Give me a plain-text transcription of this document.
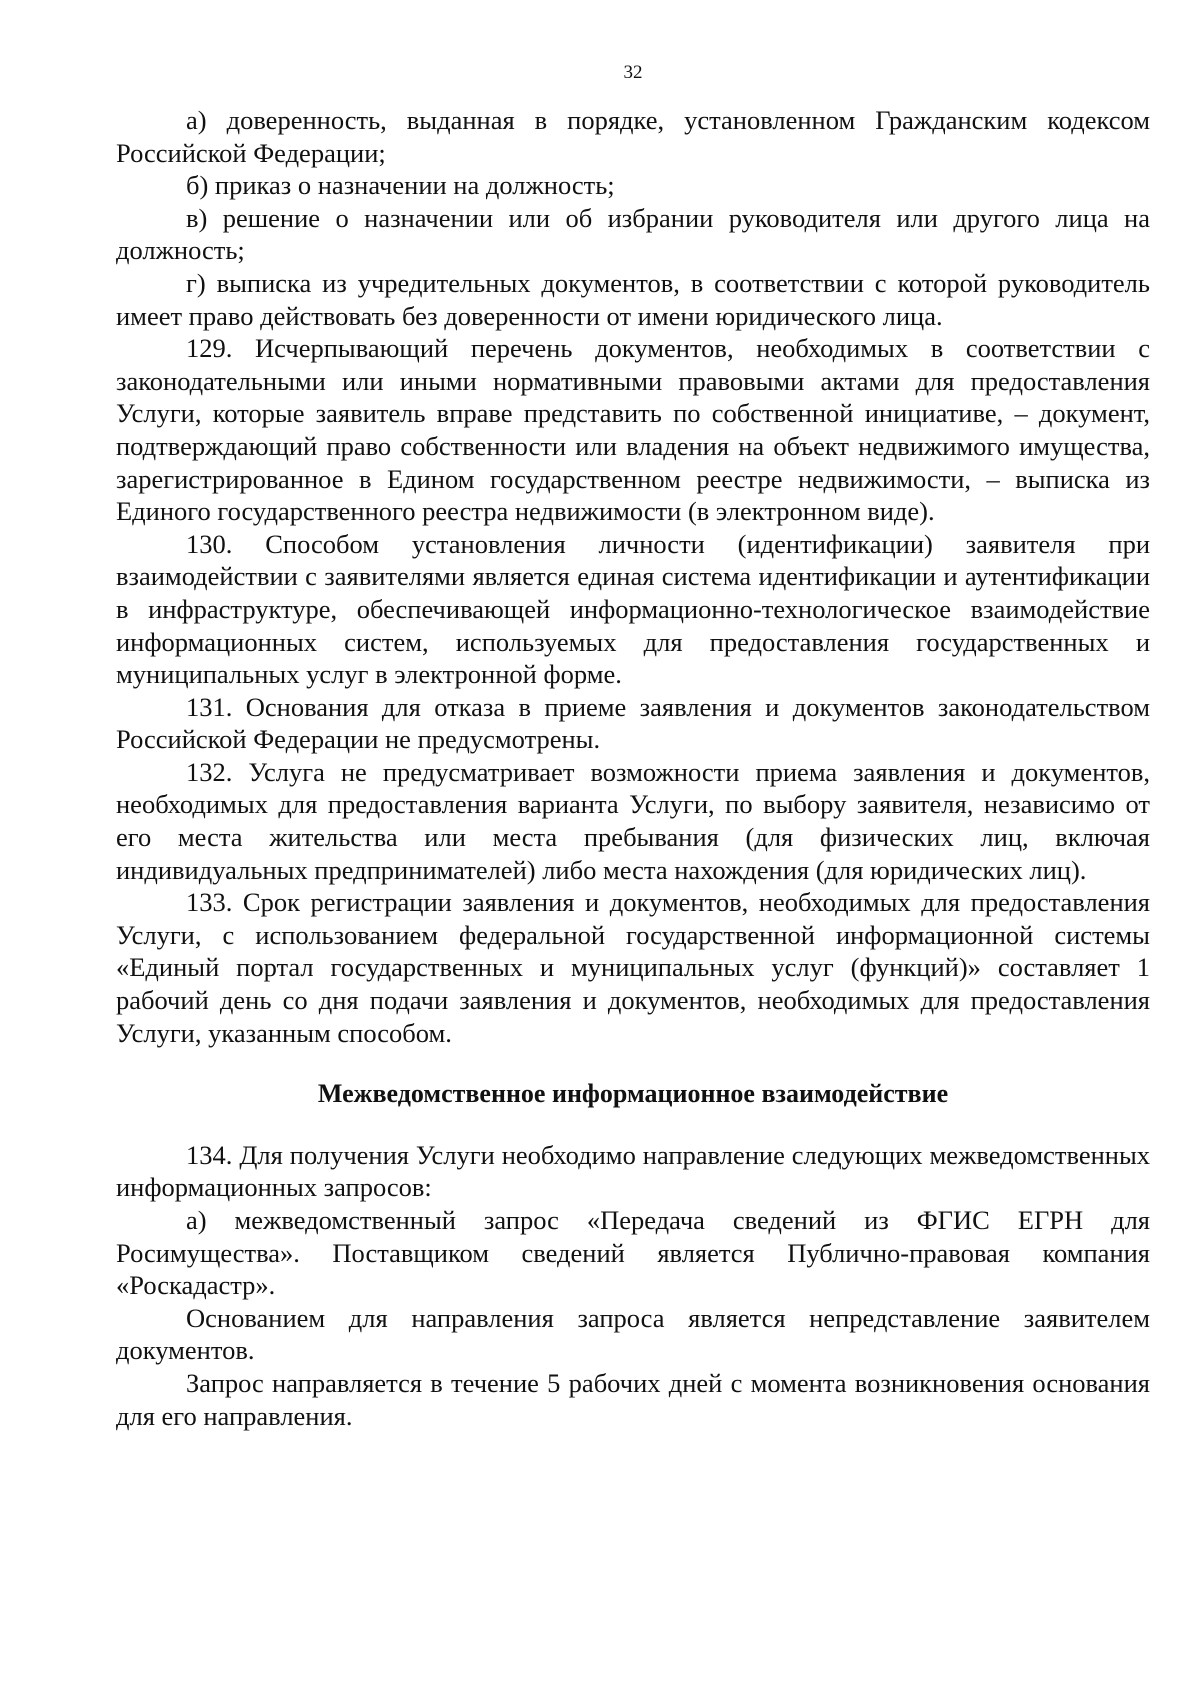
32

а) доверенность, выданная в порядке, установленном Гражданским кодексом Российской Федерации;

б) приказ о назначении на должность;

в) решение о назначении или об избрании руководителя или другого лица на должность;

г) выписка из учредительных документов, в соответствии с которой руководитель имеет право действовать без доверенности от имени юридического лица.

129. Исчерпывающий перечень документов, необходимых в соответствии с законодательными или иными нормативными правовыми актами для предоставления Услуги, которые заявитель вправе представить по собственной инициативе, – документ, подтверждающий право собственности или владения на объект недвижимого имущества, зарегистрированное в Едином государственном реестре недвижимости, – выписка из Единого государственного реестра недвижимости (в электронном виде).

130. Способом установления личности (идентификации) заявителя при взаимодействии с заявителями является единая система идентификации и аутентификации в инфраструктуре, обеспечивающей информационно-технологическое взаимодействие информационных систем, используемых для предоставления государственных и муниципальных услуг в электронной форме.

131. Основания для отказа в приеме заявления и документов законодательством Российской Федерации не предусмотрены.

132. Услуга не предусматривает возможности приема заявления и документов, необходимых для предоставления варианта Услуги, по выбору заявителя, независимо от его места жительства или места пребывания (для физических лиц, включая индивидуальных предпринимателей) либо места нахождения (для юридических лиц).

133. Срок регистрации заявления и документов, необходимых для предоставления Услуги, с использованием федеральной государственной информационной системы «Единый портал государственных и муниципальных услуг (функций)» составляет 1 рабочий день со дня подачи заявления и документов, необходимых для предоставления Услуги, указанным способом.

Межведомственное информационное взаимодействие

134. Для получения Услуги необходимо направление следующих межведомственных информационных запросов:

а) межведомственный запрос «Передача сведений из ФГИС ЕГРН для Росимущества». Поставщиком сведений является Публично-правовая компания «Роскадастр».

Основанием для направления запроса является непредставление заявителем документов.

Запрос направляется в течение 5 рабочих дней с момента возникновения основания для его направления.
